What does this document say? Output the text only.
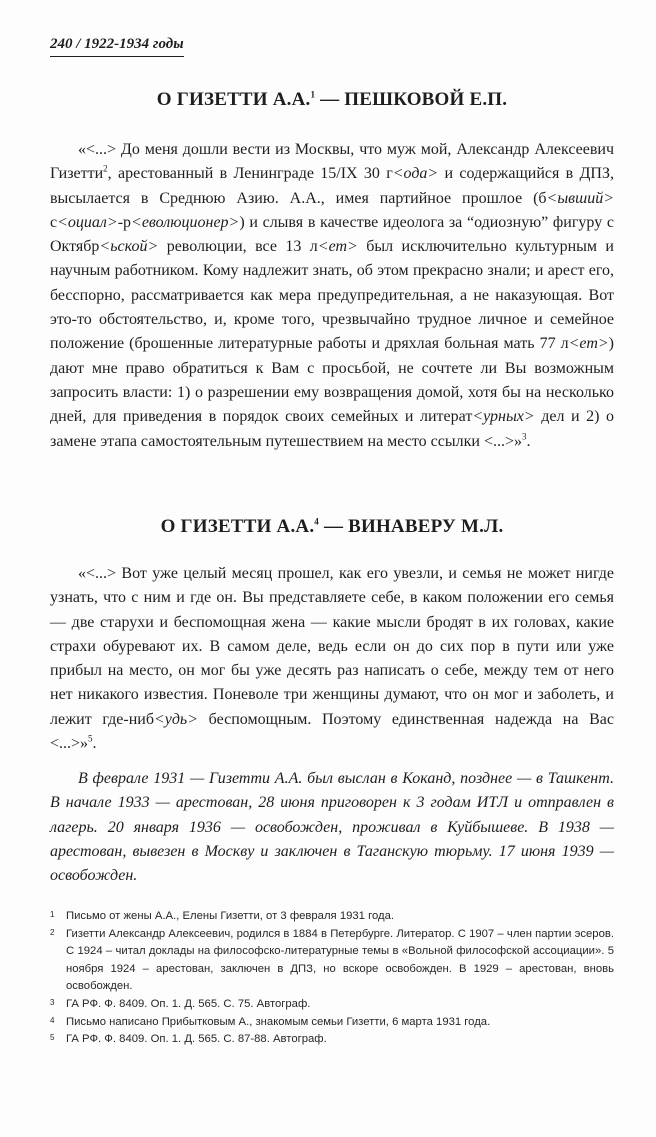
240 / 1922-1934 годы
О ГИЗЕТТИ А.А.$^1$ — ПЕШКОВОЙ Е.П.

«<...> До меня дошли вести из Москвы, что муж мой, Александр Алексеевич Гизетти$^2$, арестованный в Ленинграде 15/IX 30 г<ода> и содержащийся в ДПЗ, высылается в Среднюю Азию. А.А., имея партийное прошлое (б<ывший> с<оциал>-р<еволюционер>) и слывя в качестве идеолога за “одиозную” фигуру с Октябр<ьской> революции, все 13 л<ет> был исключительно культурным и научным работником. Кому надлежит знать, об этом прекрасно знали; и арест его, бесспорно, рассматривается как мера предупредительная, а не наказующая. Вот это-то обстоятельство, и, кроме того, чрезвычайно трудное личное и семейное положение (брошенные литературные работы и дряхлая больная мать 77 л<ет>) дают мне право обратиться к Вам с просьбой, не сочтете ли Вы возможным запросить власти: 1) о разрешении ему возвращения домой, хотя бы на несколько дней, для приведения в порядок своих семейных и литерат<урных> дел и 2) о замене этапа самостоятельным путешествием на место ссылки <...>»$^3$.

О ГИЗЕТТИ А.А.$^4$ — ВИНАВЕРУ М.Л.

«<...> Вот уже целый месяц прошел, как его увезли, и семья не может нигде узнать, что с ним и где он. Вы представляете себе, в каком положении его семья — две старухи и беспомощная жена — какие мысли бродят в их головах, какие страхи обуревают их. В самом деле, ведь если он до сих пор в пути или уже прибыл на место, он мог бы уже десять раз написать о себе, между тем от него нет никакого известия. Поневоле три женщины думают, что он мог и заболеть, и лежит где-ниб<удь> беспомощным. Поэтому единственная надежда на Вас <...>»$^5$.

В феврале 1931 — Гизетти А.А. был выслан в Коканд, позднее — в Ташкент. В начале 1933 — арестован, 28 июня приговорен к 3 годам ИТЛ и отправлен в лагерь. 20 января 1936 — освобожден, проживал в Куйбышеве. В 1938 — арестован, вывезен в Москву и заключен в Таганскую тюрьму. 17 июня 1939 — освобожден.

1 Письмо от жены А.А., Елены Гизетти, от 3 февраля 1931 года.
2 Гизетти Александр Алексеевич, родился в 1884 в Петербурге. Литератор. С 1907 – член партии эсеров. С 1924 – читал доклады на философско-литературные темы в «Вольной философской ассоциации». 5 ноября 1924 – арестован, заключен в ДПЗ, но вскоре освобожден. В 1929 – арестован, вновь освобожден.
3 ГА РФ. Ф. 8409. Оп. 1. Д. 565. С. 75. Автограф.
4 Письмо написано Прибытковым А., знакомым семьи Гизетти, 6 марта 1931 года.
5 ГА РФ. Ф. 8409. Оп. 1. Д. 565. С. 87-88. Автограф.
